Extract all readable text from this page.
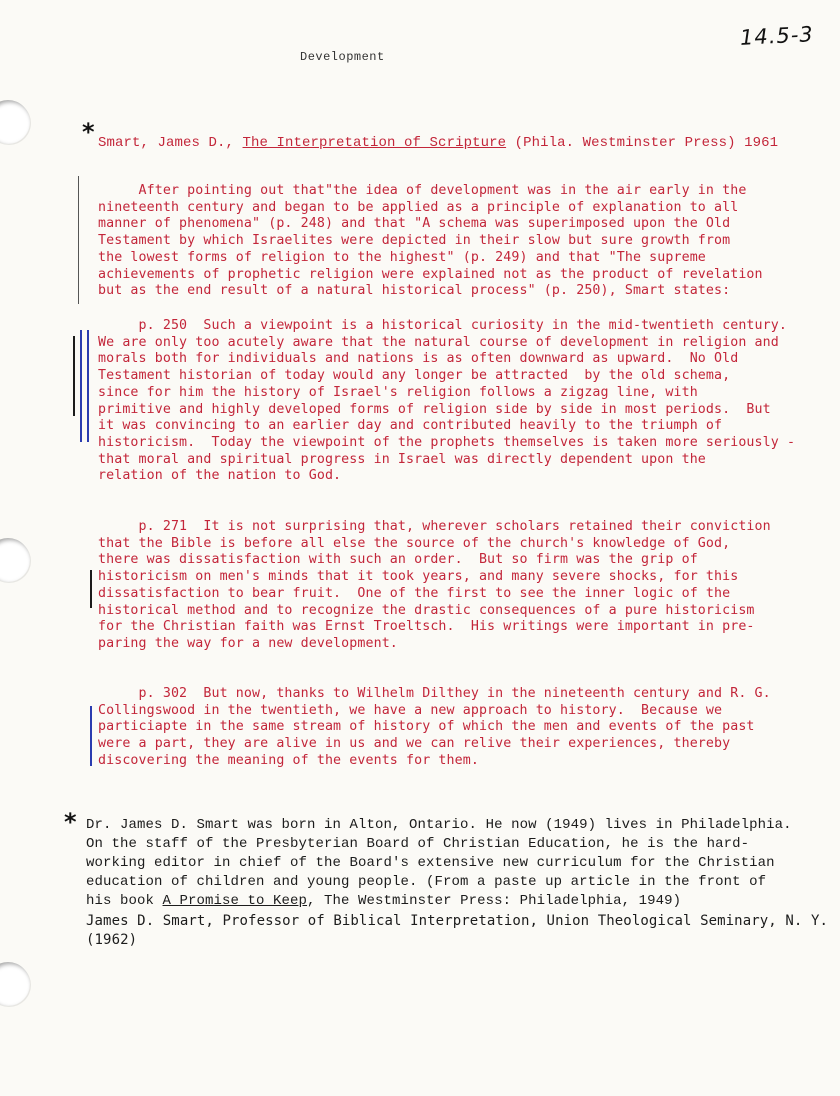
14.5-3
Development
* Smart, James D., The Interpretation of Scripture (Phila. Westminster Press) 1961
After pointing out that"the idea of development was in the air early in the
nineteenth century and began to be applied as a principle of explanation to all
manner of phenomena" (p. 248) and that "A schema was superimposed upon the Old
Testament by which Israelites were depicted in their slow but sure growth from
the lowest forms of religion to the highest" (p. 249) and that "The supreme
achievements of prophetic religion were explained not as the product of revelation
but as the end result of a natural historical process" (p. 250), Smart states:
p. 250  Such a viewpoint is a historical curiosity in the mid-twentieth century.
We are only too acutely aware that the natural course of development in religion and
morals both for individuals and nations is as often downward as upward.  No Old
Testament historian of today would any longer be attracted  by the old schema,
since for him the history of Israel's religion follows a zigzag line, with
primitive and highly developed forms of religion side by side in most periods.  But
it was convincing to an earlier day and contributed heavily to the triumph of
historicism.  Today the viewpoint of the prophets themselves is taken more seriously -
that moral and spiritual progress in Israel was directly dependent upon the
relation of the nation to God.
p. 271  It is not surprising that, wherever scholars retained their conviction
that the Bible is before all else the source of the church's knowledge of God,
there was dissatisfaction with such an order.  But so firm was the grip of
historicism on men's minds that it took years, and many severe shocks, for this
dissatisfaction to bear fruit.  One of the first to see the inner logic of the
historical method and to recognize the drastic consequences of a pure historicism
for the Christian faith was Ernst Troeltsch.  His writings were important in pre-
paring the way for a new development.
p. 302  But now, thanks to Wilhelm Dilthey in the nineteenth century and R. G.
Collingswood in the twentieth, we have a new approach to history.  Because we
particiapte in the same stream of history of which the men and events of the past
were a part, they are alive in us and we can relive their experiences, thereby
discovering the meaning of the events for them.
* Dr. James D. Smart was born in Alton, Ontario. He now (1949) lives in Philadelphia.
On the staff of the Presbyterian Board of Christian Education, he is the hard-
working editor in chief of the Board's extensive new curriculum for the Christian
education of children and young people. (From a paste up article in the front of
his book A Promise to Keep, The Westminster Press: Philadelphia, 1949)
James D. Smart, Professor of Biblical Interpretation, Union Theological Seminary, N. Y.
(1962)
